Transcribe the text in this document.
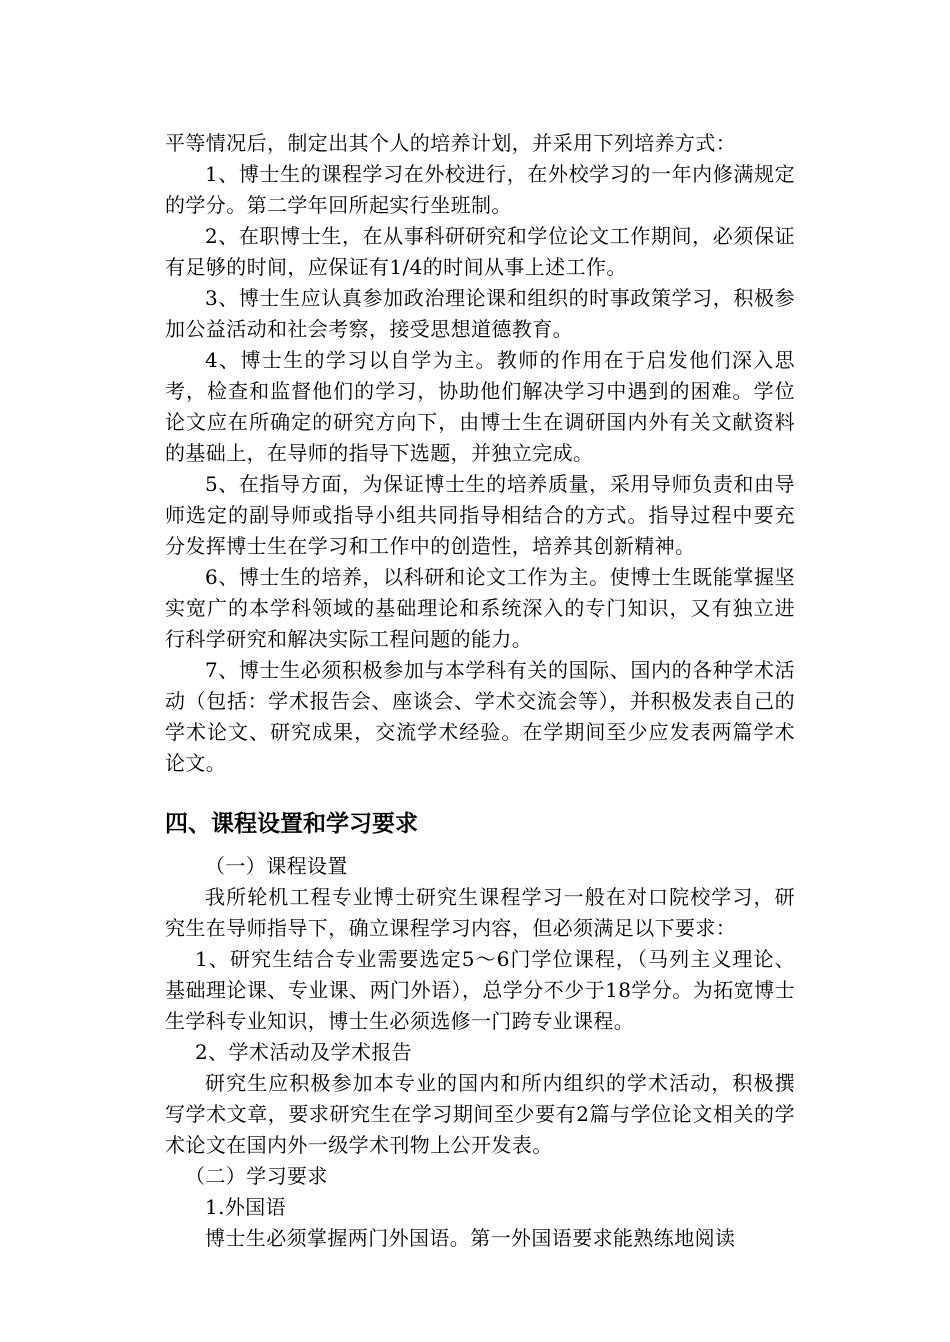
平等情况后，制定出其个人的培养计划，并采用下列培养方式：

1、博士生的课程学习在外校进行，在外校学习的一年内修满规定的学分。第二学年回所起实行坐班制。

2、在职博士生，在从事科研研究和学位论文工作期间，必须保证有足够的时间，应保证有1/4的时间从事上述工作。

3、博士生应认真参加政治理论课和组织的时事政策学习，积极参加公益活动和社会考察，接受思想道德教育。

4、博士生的学习以自学为主。教师的作用在于启发他们深入思考，检查和监督他们的学习，协助他们解决学习中遇到的困难。学位论文应在所确定的研究方向下，由博士生在调研国内外有关文献资料的基础上，在导师的指导下选题，并独立完成。

5、在指导方面，为保证博士生的培养质量，采用导师负责和由导师选定的副导师或指导小组共同指导相结合的方式。指导过程中要充分发挥博士生在学习和工作中的创造性，培养其创新精神。

6、博士生的培养，以科研和论文工作为主。使博士生既能掌握坚实宽广的本学科领域的基础理论和系统深入的专门知识，又有独立进行科学研究和解决实际工程问题的能力。

7、博士生必须积极参加与本学科有关的国际、国内的各种学术活动（包括：学术报告会、座谈会、学术交流会等），并积极发表自己的学术论文、研究成果，交流学术经验。在学期间至少应发表两篇学术论文。

四、课程设置和学习要求

（一）课程设置

我所轮机工程专业博士研究生课程学习一般在对口院校学习，研究生在导师指导下，确立课程学习内容，但必须满足以下要求：

1、研究生结合专业需要选定5～6门学位课程，（马列主义理论、基础理论课、专业课、两门外语），总学分不少于18学分。为拓宽博士生学科专业知识，博士生必须选修一门跨专业课程。

2、学术活动及学术报告

研究生应积极参加本专业的国内和所内组织的学术活动，积极撰写学术文章，要求研究生在学习期间至少要有2篇与学位论文相关的学术论文在国内外一级学术刊物上公开发表。

（二）学习要求

1.外国语

博士生必须掌握两门外国语。第一外国语要求能熟练地阅读
